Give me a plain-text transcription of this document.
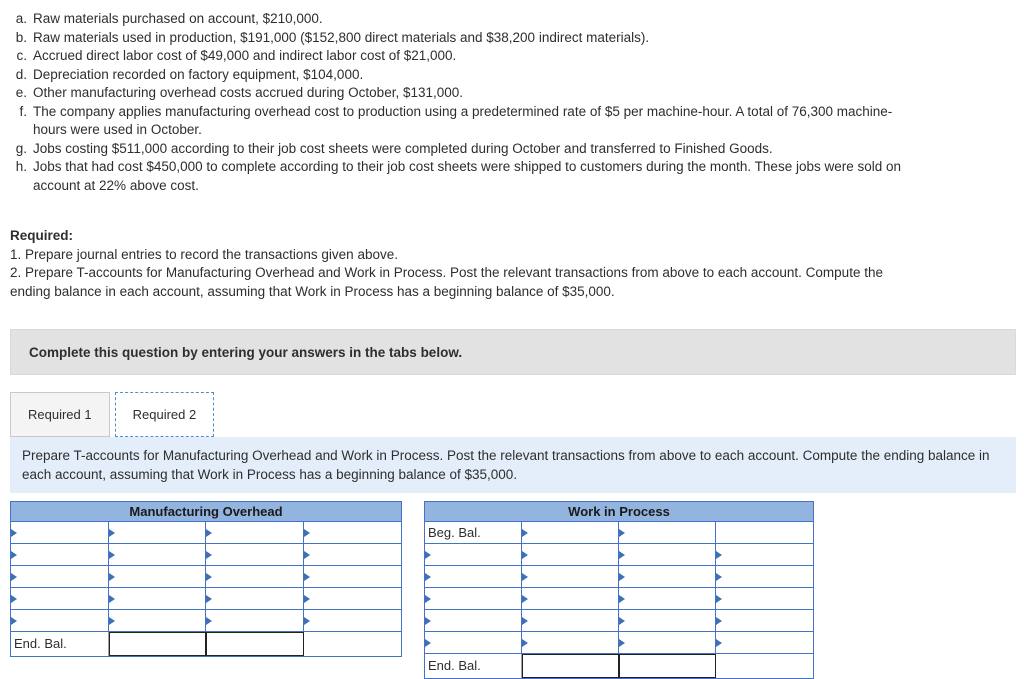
a. Raw materials purchased on account, $210,000.
b. Raw materials used in production, $191,000 ($152,800 direct materials and $38,200 indirect materials).
c. Accrued direct labor cost of $49,000 and indirect labor cost of $21,000.
d. Depreciation recorded on factory equipment, $104,000.
e. Other manufacturing overhead costs accrued during October, $131,000.
f. The company applies manufacturing overhead cost to production using a predetermined rate of $5 per machine-hour. A total of 76,300 machine-hours were used in October.
g. Jobs costing $511,000 according to their job cost sheets were completed during October and transferred to Finished Goods.
h. Jobs that had cost $450,000 to complete according to their job cost sheets were shipped to customers during the month. These jobs were sold on account at 22% above cost.
Required:
1. Prepare journal entries to record the transactions given above.
2. Prepare T-accounts for Manufacturing Overhead and Work in Process. Post the relevant transactions from above to each account. Compute the ending balance in each account, assuming that Work in Process has a beginning balance of $35,000.
Complete this question by entering your answers in the tabs below.
Required 1	Required 2
Prepare T-accounts for Manufacturing Overhead and Work in Process. Post the relevant transactions from above to each account. Compute the ending balance in each account, assuming that Work in Process has a beginning balance of $35,000.
Manufacturing Overhead
End. Bal.
Work in Process
Beg. Bal.
End. Bal.
